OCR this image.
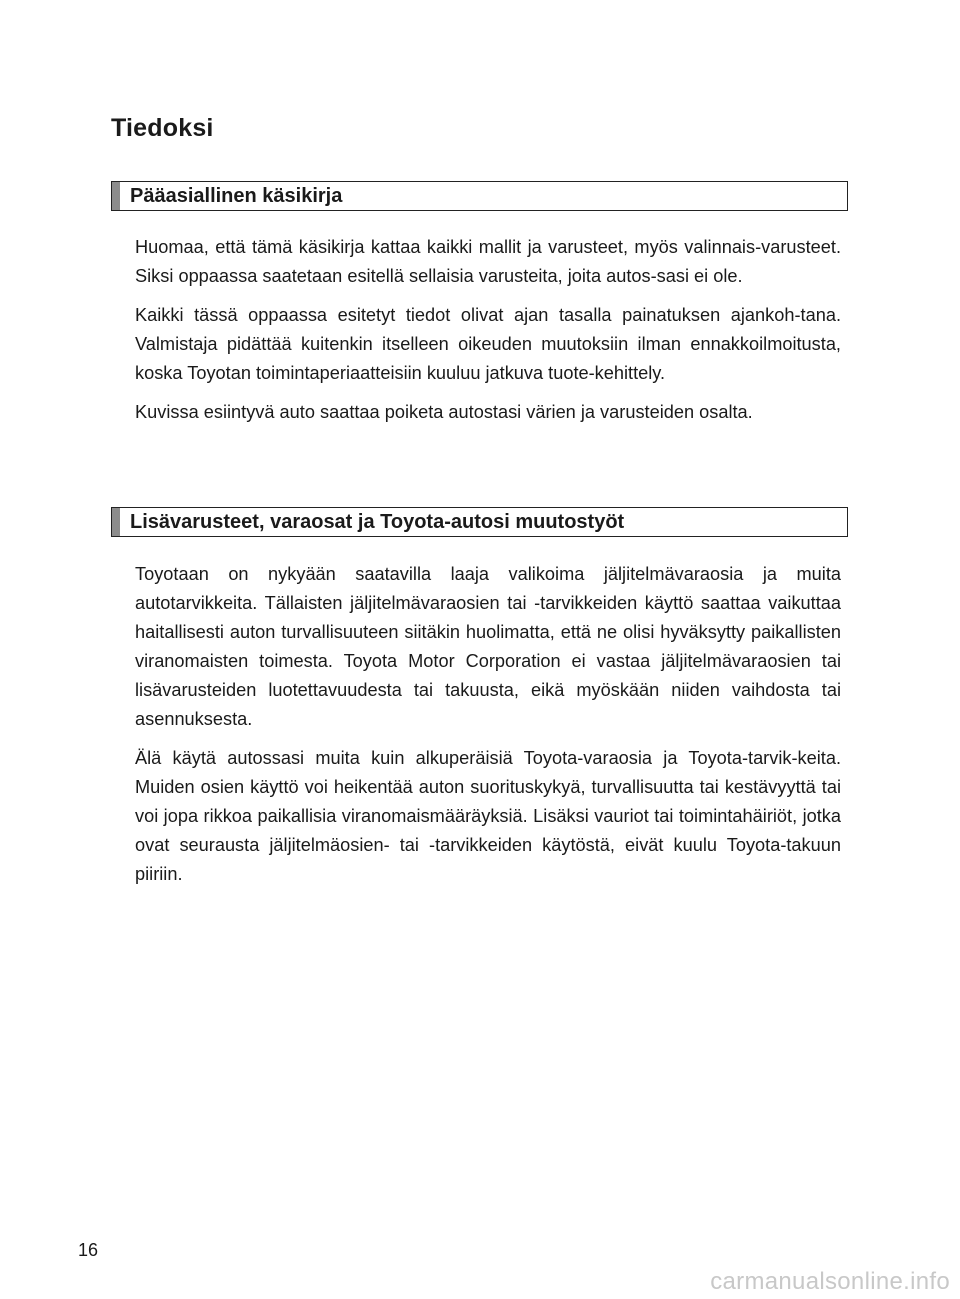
Tiedoksi
Pääasiallinen käsikirja

Huomaa, että tämä käsikirja kattaa kaikki mallit ja varusteet, myös valinnais-varusteet. Siksi oppaassa saatetaan esitellä sellaisia varusteita, joita autos-sasi ei ole.

Kaikki tässä oppaassa esitetyt tiedot olivat ajan tasalla painatuksen ajankoh-tana. Valmistaja pidättää kuitenkin itselleen oikeuden muutoksiin ilman ennakkoilmoitusta, koska Toyotan toimintaperiaatteisiin kuuluu jatkuva tuote-kehittely.

Kuvissa esiintyvä auto saattaa poiketa autostasi värien ja varusteiden osalta.

Lisävarusteet, varaosat ja Toyota-autosi muutostyöt

Toyotaan on nykyään saatavilla laaja valikoima jäljitelmävaraosia ja muita autotarvikkeita. Tällaisten jäljitelmävaraosien tai -tarvikkeiden käyttö saattaa vaikuttaa haitallisesti auton turvallisuuteen siitäkin huolimatta, että ne olisi hyväksytty paikallisten viranomaisten toimesta. Toyota Motor Corporation ei vastaa jäljitelmävaraosien tai lisävarusteiden luotettavuudesta tai takuusta, eikä myöskään niiden vaihdosta tai asennuksesta.

Älä käytä autossasi muita kuin alkuperäisiä Toyota-varaosia ja Toyota-tarvik-keita. Muiden osien käyttö voi heikentää auton suorituskykyä, turvallisuutta tai kestävyyttä tai voi jopa rikkoa paikallisia viranomaismääräyksiä. Lisäksi vauriot tai toimintahäiriöt, jotka ovat seurausta jäljitelmäosien- tai -tarvikkeiden käytöstä, eivät kuulu Toyota-takuun piiriin.

16
carmanualsonline.info
